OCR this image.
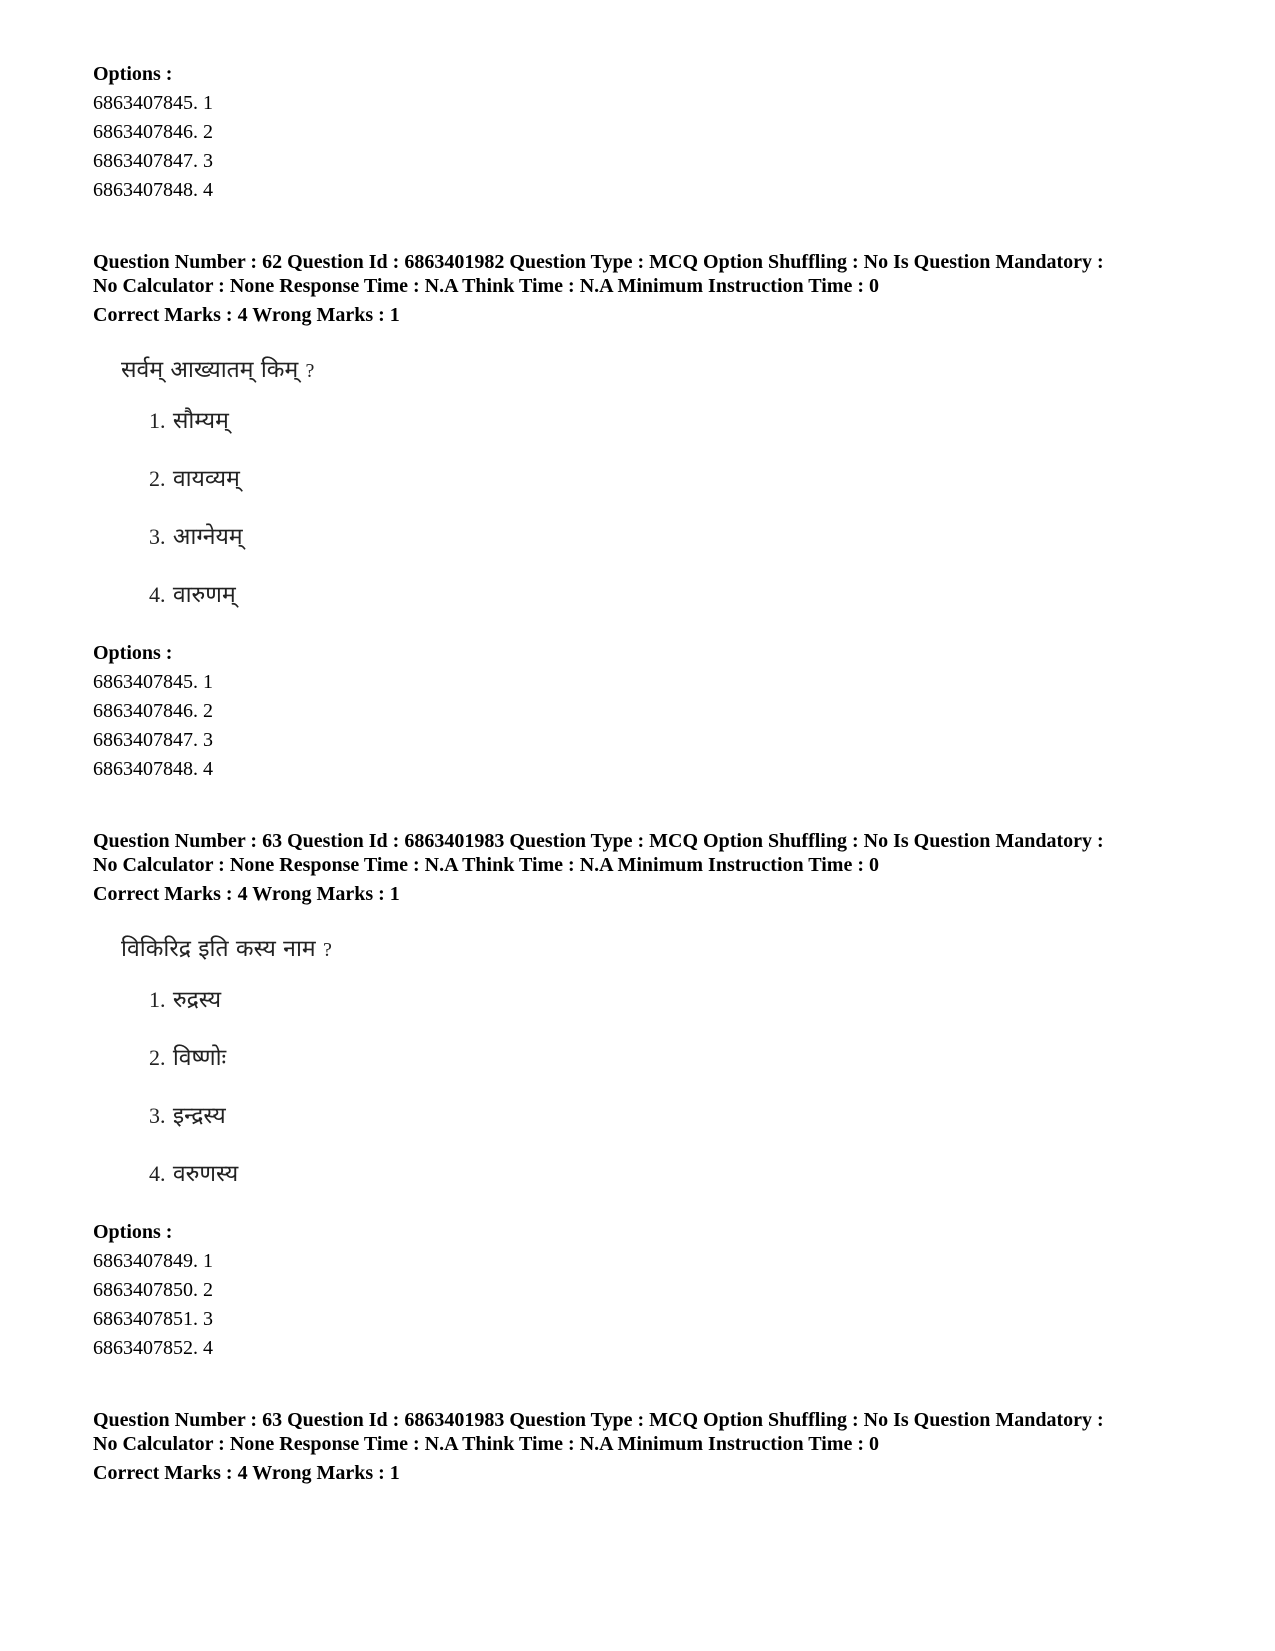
Options :
6863407845. 1
6863407846. 2
6863407847. 3
6863407848. 4
Question Number : 62 Question Id : 6863401982 Question Type : MCQ Option Shuffling : No Is Question Mandatory :
No Calculator : None Response Time : N.A Think Time : N.A Minimum Instruction Time : 0
Correct Marks : 4 Wrong Marks : 1
सर्वम् आख्यातम् किम् ?
1. सौम्यम्
2. वायव्यम्
3. आग्नेयम्
4. वारुणम्
Options :
6863407845. 1
6863407846. 2
6863407847. 3
6863407848. 4
Question Number : 63 Question Id : 6863401983 Question Type : MCQ Option Shuffling : No Is Question Mandatory :
No Calculator : None Response Time : N.A Think Time : N.A Minimum Instruction Time : 0
Correct Marks : 4 Wrong Marks : 1
विकिरिद्र इति कस्य नाम ?
1. रुद्रस्य
2. विष्णोः
3. इन्द्रस्य
4. वरुणस्य
Options :
6863407849. 1
6863407850. 2
6863407851. 3
6863407852. 4
Question Number : 63 Question Id : 6863401983 Question Type : MCQ Option Shuffling : No Is Question Mandatory :
No Calculator : None Response Time : N.A Think Time : N.A Minimum Instruction Time : 0
Correct Marks : 4 Wrong Marks : 1
